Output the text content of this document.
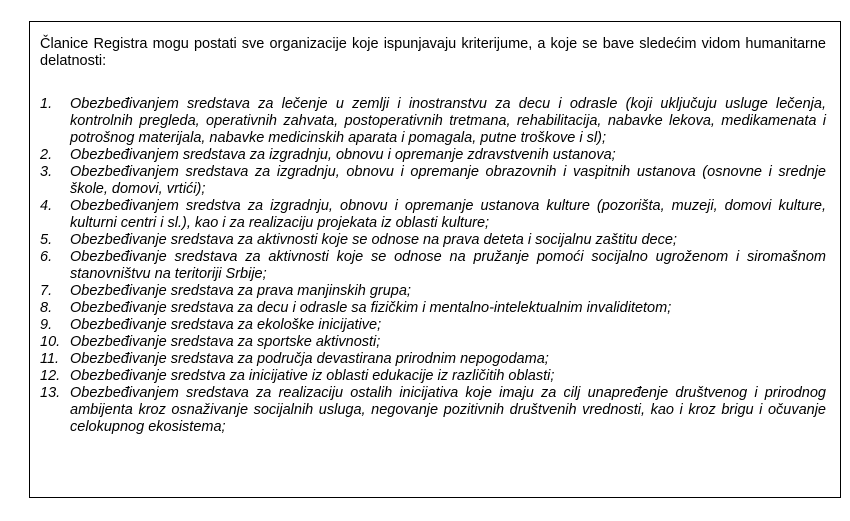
Članice Registra mogu postati sve organizacije koje ispunjavaju kriterijume, a koje se bave sledećim vidom humanitarne delatnosti:
1.	Obezbeđivanjem sredstava za lečenje u zemlji i inostranstvu za decu i odrasle (koji uključuju usluge lečenja, kontrolnih pregleda, operativnih zahvata, postoperativnih tretmana, rehabilitacija, nabavke lekova, medikamenata i potrošnog materijala, nabavke medicinskih aparata i pomagala, putne troškove i sl);
2.	Obezbeđivanjem sredstava za izgradnju, obnovu i opremanje zdravstvenih ustanova;
3.	Obezbeđivanjem sredstava za izgradnju, obnovu i opremanje obrazovnih i vaspitnih ustanova (osnovne i srednje škole, domovi, vrtići);
4.	Obezbeđivanjem sredstva za izgradnju, obnovu i opremanje ustanova kulture (pozorišta, muzeji, domovi kulture, kulturni centri i sl.), kao i za realizaciju projekata iz oblasti kulture;
5.	Obezbeđivanje sredstava za aktivnosti koje se odnose na prava deteta i socijalnu zaštitu dece;
6.	Obezbeđivanje sredstava za aktivnosti koje se odnose na pružanje pomoći socijalno ugroženom i siromašnom stanovništvu na teritoriji Srbije;
7.	Obezbeđivanje sredstava za prava manjinskih grupa;
8.	Obezbeđivanje sredstava za decu i odrasle sa fizičkim i mentalno-intelektualnim invaliditetom;
9.	Obezbeđivanje sredstava za ekološke inicijative;
10. Obezbeđivanje sredstava za sportske aktivnosti;
11. Obezbeđivanje sredstava za područja devastirana prirodnim nepogodama;
12. Obezbeđivanje sredstva za inicijative iz oblasti edukacije iz različitih oblasti;
13. Obezbeđivanjem sredstava za realizaciju ostalih inicijativa koje imaju za cilj unapređenje društvenog i prirodnog ambijenta kroz osnaživanje socijalnih usluga, negovanje pozitivnih društvenih vrednosti, kao i kroz brigu i očuvanje celokupnog ekosistema;
